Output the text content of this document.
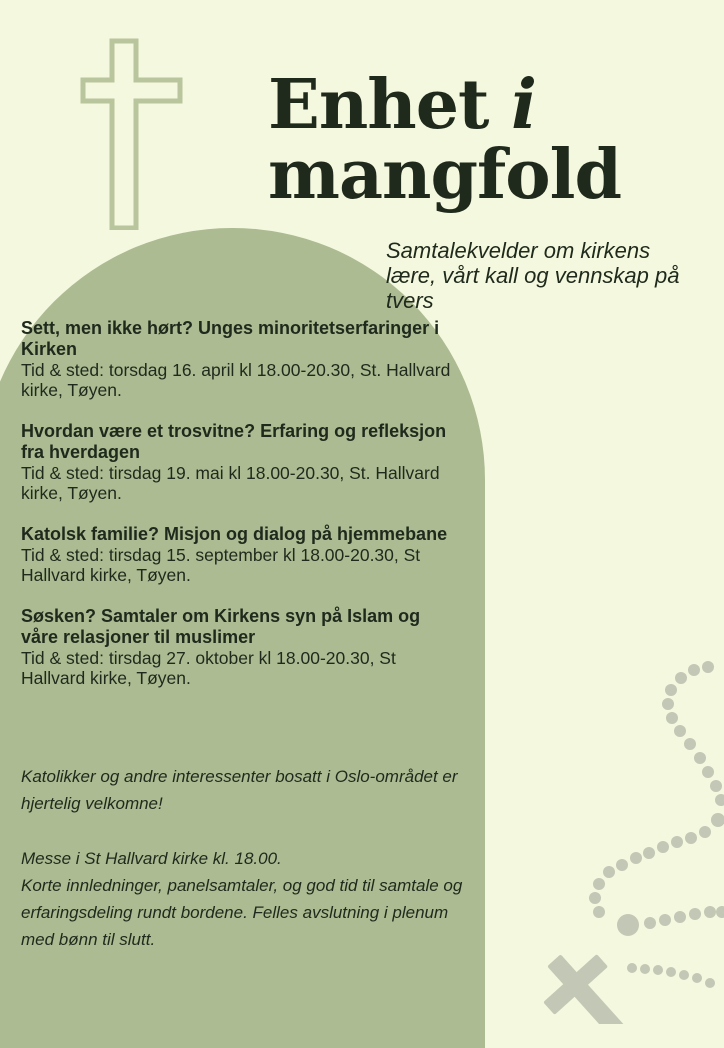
Enhet i
mangfold

Samtalekvelder om kirkens lære, vårt kall og vennskap på tvers

Sett, men ikke hørt? Unges minoritetserfaringer i Kirken
Tid & sted: torsdag 16. april kl 18.00-20.30, St. Hallvard kirke, Tøyen.
Hvordan være et trosvitne? Erfaring og refleksjon fra hverdagen
Tid & sted: tirsdag 19. mai kl 18.00-20.30, St. Hallvard kirke, Tøyen.
Katolsk familie? Misjon og dialog på hjemmebane
Tid & sted: tirsdag 15. september kl 18.00-20.30, St Hallvard kirke, Tøyen.
Søsken? Samtaler om Kirkens syn på Islam og våre relasjoner til muslimer
Tid & sted: tirsdag 27. oktober kl 18.00-20.30, St Hallvard kirke, Tøyen.

Katolikker og andre interessenter bosatt i Oslo-området er hjertelig velkomne!

Messe i St Hallvard kirke kl. 18.00.
Korte innledninger, panelsamtaler, og god tid til samtale og erfaringsdeling rundt bordene. Felles avslutning i plenum med bønn til slutt.
